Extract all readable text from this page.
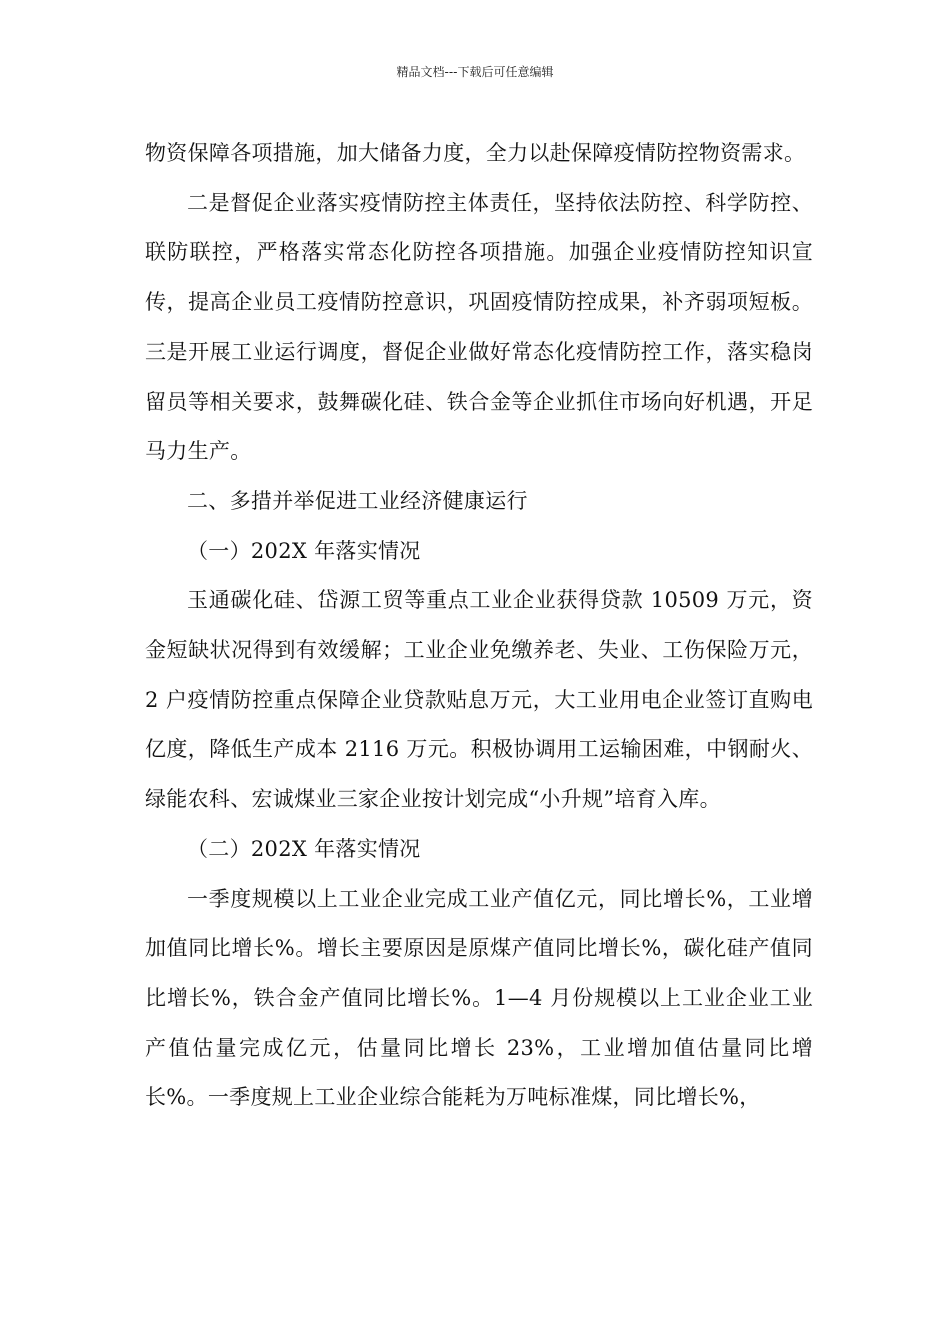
精品文档---下载后可任意编辑

物资保障各项措施，加大储备力度，全力以赴保障疫情防控物资需求。

二是督促企业落实疫情防控主体责任，坚持依法防控、科学防控、联防联控，严格落实常态化防控各项措施。加强企业疫情防控知识宣传，提高企业员工疫情防控意识，巩固疫情防控成果，补齐弱项短板。三是开展工业运行调度，督促企业做好常态化疫情防控工作，落实稳岗留员等相关要求，鼓舞碳化硅、铁合金等企业抓住市场向好机遇，开足马力生产。

二、多措并举促进工业经济健康运行

（一）202X 年落实情况

玉通碳化硅、岱源工贸等重点工业企业获得贷款 10509 万元，资金短缺状况得到有效缓解；工业企业免缴养老、失业、工伤保险万元，2 户疫情防控重点保障企业贷款贴息万元，大工业用电企业签订直购电亿度，降低生产成本 2116 万元。积极协调用工运输困难，中钢耐火、绿能农科、宏诚煤业三家企业按计划完成“小升规”培育入库。

（二）202X 年落实情况

一季度规模以上工业企业完成工业产值亿元，同比增长%，工业增加值同比增长%。增长主要原因是原煤产值同比增长%，碳化硅产值同比增长%，铁合金产值同比增长%。1—4 月份规模以上工业企业工业产值估量完成亿元，估量同比增长 23%，工业增加值估量同比增长%。一季度规上工业企业综合能耗为万吨标准煤，同比增长%，
